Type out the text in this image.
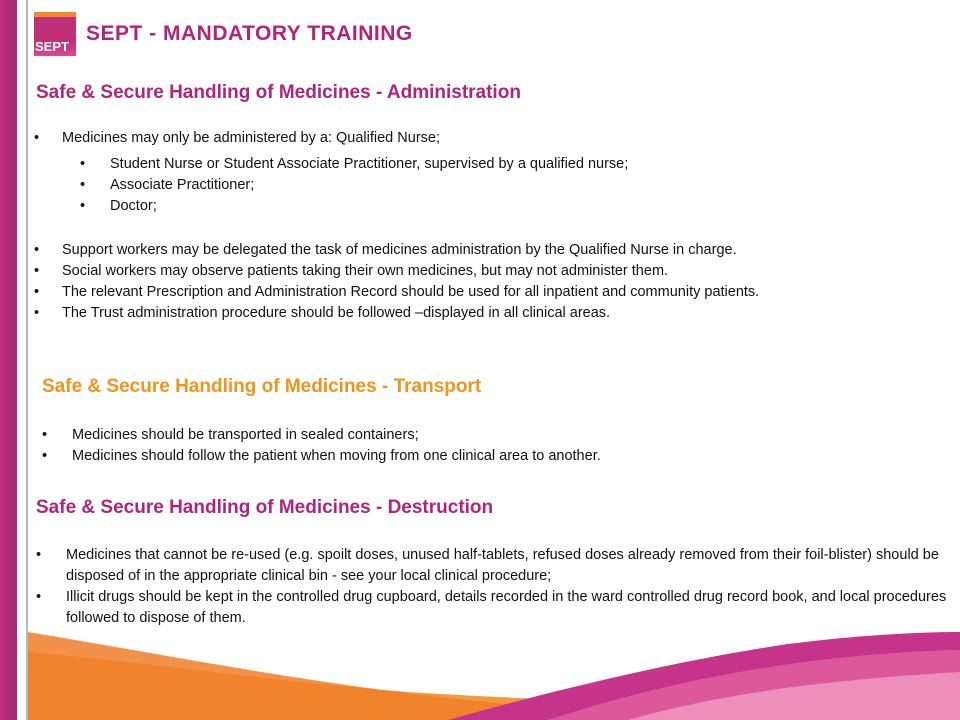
SEPT
SEPT - MANDATORY TRAINING
Safe & Secure Handling of Medicines - Administration
• Medicines may only be administered by a: Qualified Nurse;
• Student Nurse or Student Associate Practitioner, supervised by a qualified nurse;
• Associate Practitioner;
• Doctor;
• Support workers may be delegated the task of medicines administration by the Qualified Nurse in charge.
• Social workers may observe patients taking their own medicines, but may not administer them.
• The relevant Prescription and Administration Record should be used for all inpatient and community patients.
• The Trust administration procedure should be followed –displayed in all clinical areas.
Safe & Secure Handling of Medicines - Transport
• Medicines should be transported in sealed containers;
• Medicines should follow the patient when moving from one clinical area to another.
Safe & Secure Handling of Medicines - Destruction
• Medicines that cannot be re-used (e.g. spoilt doses, unused half-tablets, refused doses already removed from their foil-blister) should be disposed of in the appropriate clinical bin - see your local clinical procedure;
• Illicit drugs should be kept in the controlled drug cupboard, details recorded in the ward controlled drug record book, and local procedures followed to dispose of them.
